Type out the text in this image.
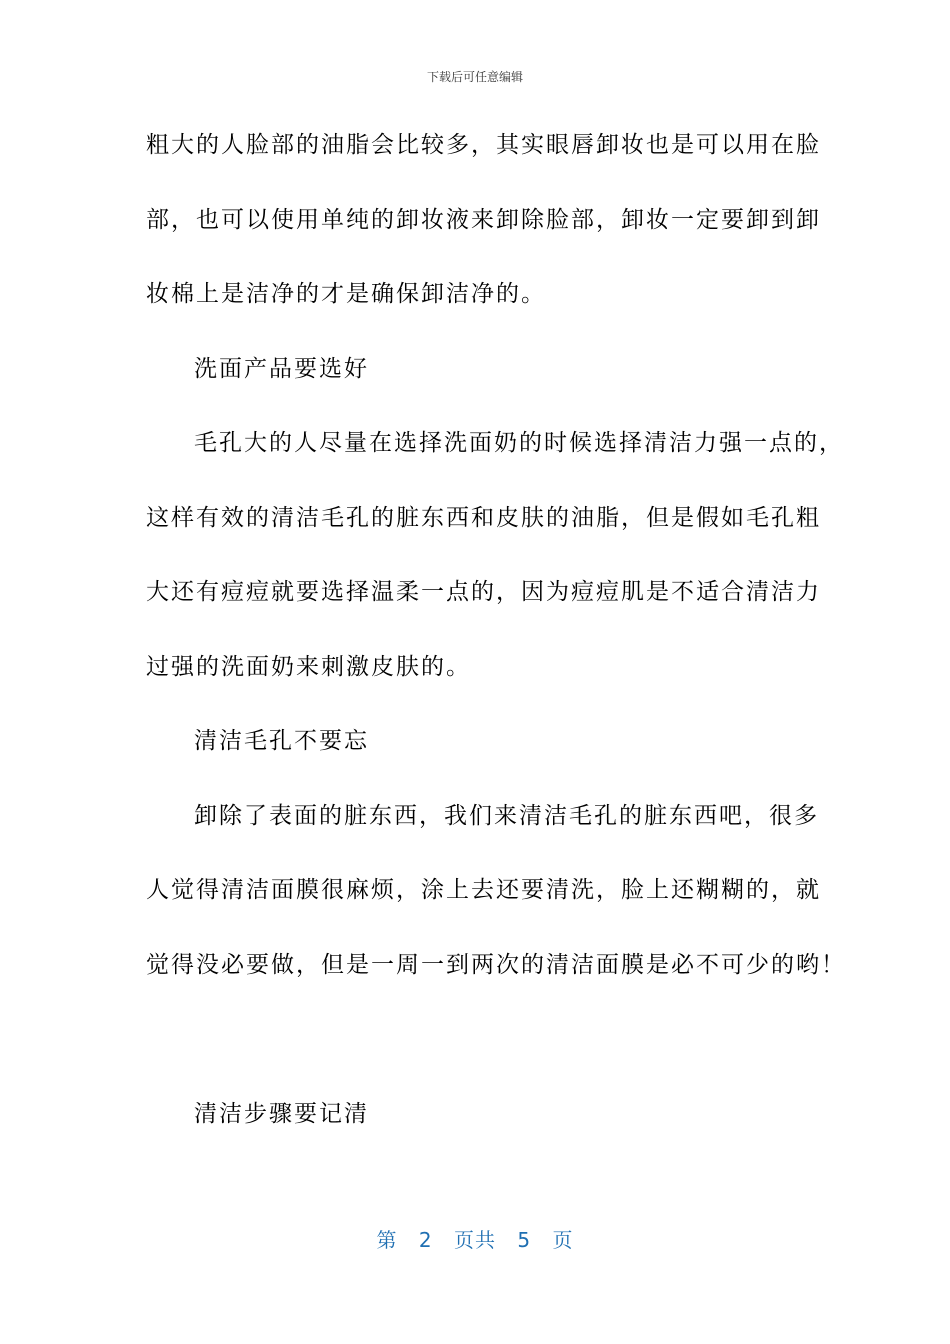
下载后可任意编辑
粗大的人脸部的油脂会比较多，其实眼唇卸妆也是可以用在脸
部，也可以使用单纯的卸妆液来卸除脸部，卸妆一定要卸到卸
妆棉上是洁净的才是确保卸洁净的。
洗面产品要选好
毛孔大的人尽量在选择洗面奶的时候选择清洁力强一点的，
这样有效的清洁毛孔的脏东西和皮肤的油脂，但是假如毛孔粗
大还有痘痘就要选择温柔一点的，因为痘痘肌是不适合清洁力
过强的洗面奶来刺激皮肤的。
清洁毛孔不要忘
卸除了表面的脏东西，我们来清洁毛孔的脏东西吧，很多
人觉得清洁面膜很麻烦，涂上去还要清洗，脸上还糊糊的，就
觉得没必要做，但是一周一到两次的清洁面膜是必不可少的哟！
清洁步骤要记清
第 2 页共 5 页
